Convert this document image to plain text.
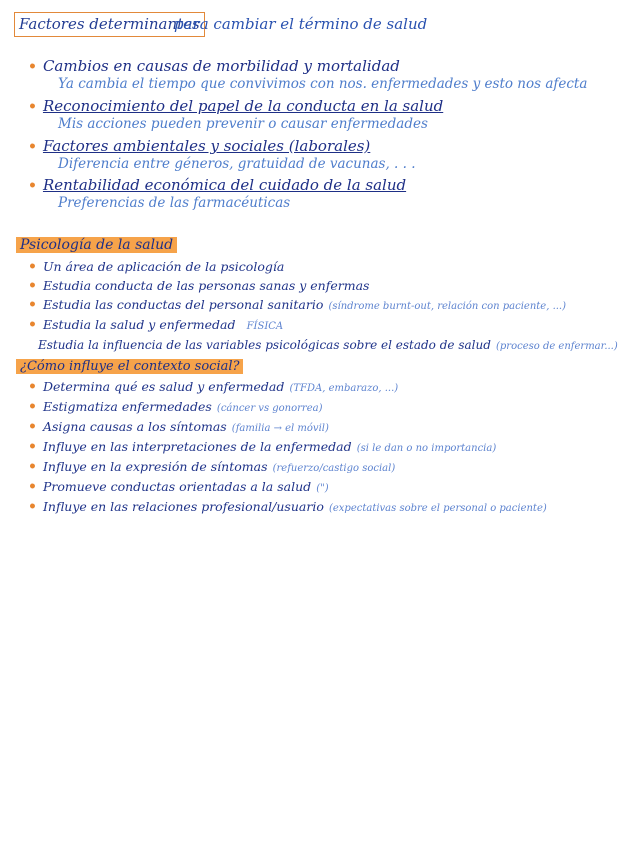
Factores determinantes
para cambiar el término de salud
• Cambios en causas de morbilidad y mortalidad
Ya cambia el tiempo que convivimos con nos. enfermedades y esto nos afecta
• Reconocimiento del papel de la conducta en la salud
Mis acciones pueden prevenir o causar enfermedades
• Factores ambientales y sociales (laborales)
Diferencia entre géneros, gratuidad de vacunas, . . .
• Rentabilidad económica del cuidado de la salud
Preferencias de las farmacéuticas
Psicología de la salud
• Un área de aplicación de la psicología
• Estudia conducta de las personas sanas y enfermas
• Estudia las conductas del personal sanitario (síndrome burnt-out, relación con paciente, ...)
• Estudia la salud y enfermedad FÍSICA
Estudia la influencia de las variables psicológicas sobre el estado de salud (proceso de enfermar...)
¿Cómo influye el contexto social?
• Determina qué es salud y enfermedad (TFDA, embarazo, ...)
• Estigmatiza enfermedades (cáncer vs gonorrea)
• Asigna causas a los síntomas (familia → el móvil)
• Influye en las interpretaciones de la enfermedad (si le dan o no importancia)
• Influye en la expresión de síntomas (refuerzo/castigo social)
• Promueve conductas orientadas a la salud (")
• Influye en las relaciones profesional/usuario (expectativas sobre el personal o paciente)
